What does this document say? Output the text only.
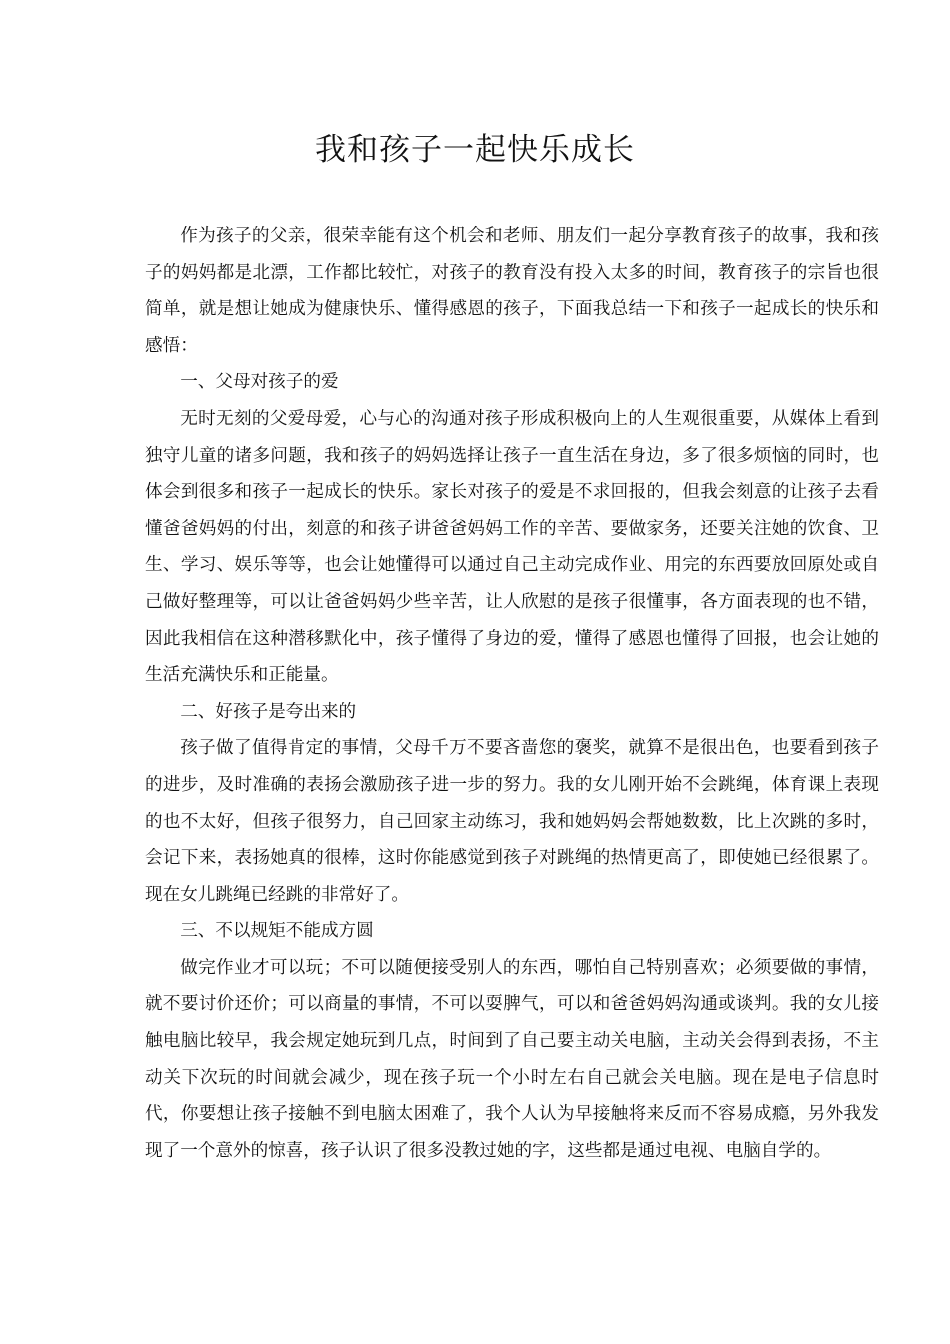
我和孩子一起快乐成长

作为孩子的父亲，很荣幸能有这个机会和老师、朋友们一起分享教育孩子的故事，我和孩子的妈妈都是北漂，工作都比较忙，对孩子的教育没有投入太多的时间，教育孩子的宗旨也很简单，就是想让她成为健康快乐、懂得感恩的孩子，下面我总结一下和孩子一起成长的快乐和感悟：

一、父母对孩子的爱

无时无刻的父爱母爱，心与心的沟通对孩子形成积极向上的人生观很重要，从媒体上看到独守儿童的诸多问题，我和孩子的妈妈选择让孩子一直生活在身边，多了很多烦恼的同时，也体会到很多和孩子一起成长的快乐。家长对孩子的爱是不求回报的，但我会刻意的让孩子去看懂爸爸妈妈的付出，刻意的和孩子讲爸爸妈妈工作的辛苦、要做家务，还要关注她的饮食、卫生、学习、娱乐等等，也会让她懂得可以通过自己主动完成作业、用完的东西要放回原处或自己做好整理等，可以让爸爸妈妈少些辛苦，让人欣慰的是孩子很懂事，各方面表现的也不错，因此我相信在这种潜移默化中，孩子懂得了身边的爱，懂得了感恩也懂得了回报，也会让她的生活充满快乐和正能量。

二、好孩子是夸出来的

孩子做了值得肯定的事情，父母千万不要吝啬您的褒奖，就算不是很出色，也要看到孩子的进步，及时准确的表扬会激励孩子进一步的努力。我的女儿刚开始不会跳绳，体育课上表现的也不太好，但孩子很努力，自己回家主动练习，我和她妈妈会帮她数数，比上次跳的多时，会记下来，表扬她真的很棒，这时你能感觉到孩子对跳绳的热情更高了，即使她已经很累了。现在女儿跳绳已经跳的非常好了。

三、不以规矩不能成方圆

做完作业才可以玩；不可以随便接受别人的东西，哪怕自己特别喜欢；必须要做的事情，就不要讨价还价；可以商量的事情，不可以耍脾气，可以和爸爸妈妈沟通或谈判。我的女儿接触电脑比较早，我会规定她玩到几点，时间到了自己要主动关电脑，主动关会得到表扬，不主动关下次玩的时间就会减少，现在孩子玩一个小时左右自己就会关电脑。现在是电子信息时代，你要想让孩子接触不到电脑太困难了，我个人认为早接触将来反而不容易成瘾，另外我发现了一个意外的惊喜，孩子认识了很多没教过她的字，这些都是通过电视、电脑自学的。
